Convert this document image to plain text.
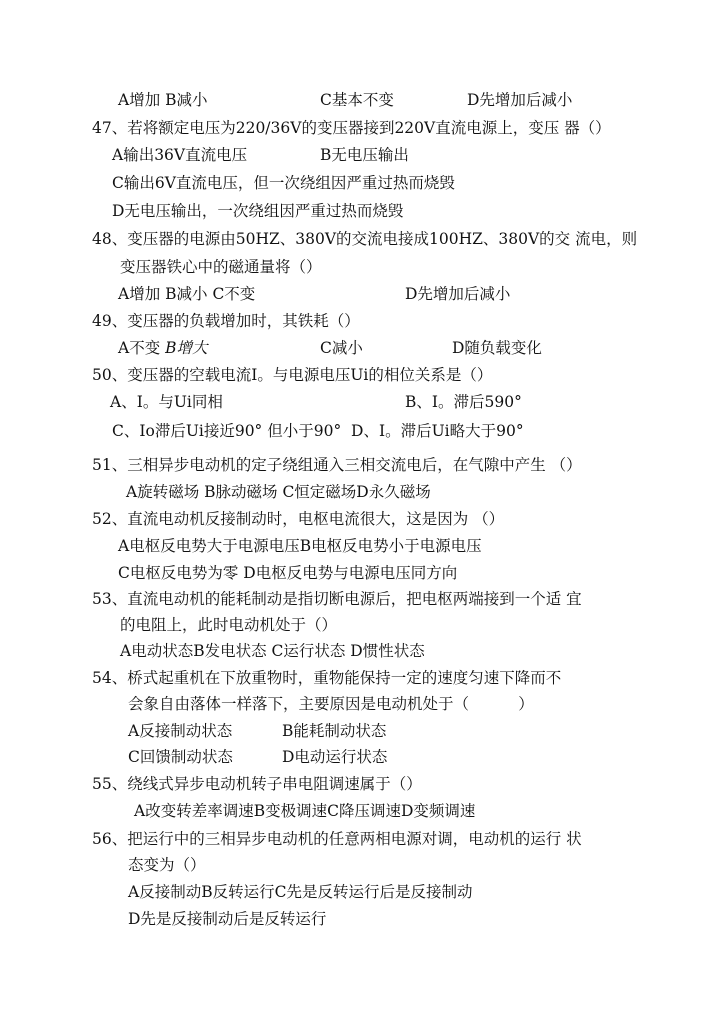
A增加 B减小	C基本不变	D先增加后减小
47、若将额定电压为220/36V的变压器接到220V直流电源上，变压 器（）
A输出36V直流电压	B无电压输出
C输出6V直流电压，但一次绕组因严重过热而烧毁
D无电压输出，一次绕组因严重过热而烧毁
48、变压器的电源由50HZ、380V的交流电接成100HZ、380V的交 流电，则
变压器铁心中的磁通量将（）
A增加 B减小 C不变	D先增加后减小
49、变压器的负载增加时，其铁耗（）
A不变 B增大	C减小	D随负载变化
50、变压器的空载电流I。与电源电压Ui的相位关系是（）
A、I。与Ui同相	B、I。滞后590°
C、Io滞后Ui接近90° 但小于90°  D、I。滞后Ui略大于90°
51、三相异步电动机的定子绕组通入三相交流电后，在气隙中产生 （）
A旋转磁场 B脉动磁场 C恒定磁场D永久磁场
52、直流电动机反接制动时，电枢电流很大，这是因为 （）
A电枢反电势大于电源电压B电枢反电势小于电源电压
C电枢反电势为零 D电枢反电势与电源电压同方向
53、直流电动机的能耗制动是指切断电源后，把电枢两端接到一个适 宜
的电阻上，此时电动机处于（）
A电动状态B发电状态 C运行状态 D惯性状态
54、桥式起重机在下放重物时，重物能保持一定的速度匀速下降而不
会象自由落体一样落下，主要原因是电动机处于（          ）
A反接制动状态	B能耗制动状态
C回馈制动状态	D电动运行状态
55、绕线式异步电动机转子串电阻调速属于（）
A改变转差率调速B变极调速C降压调速D变频调速
56、把运行中的三相异步电动机的任意两相电源对调，电动机的运行 状
态变为（）
A反接制动B反转运行C先是反转运行后是反接制动
D先是反接制动后是反转运行
